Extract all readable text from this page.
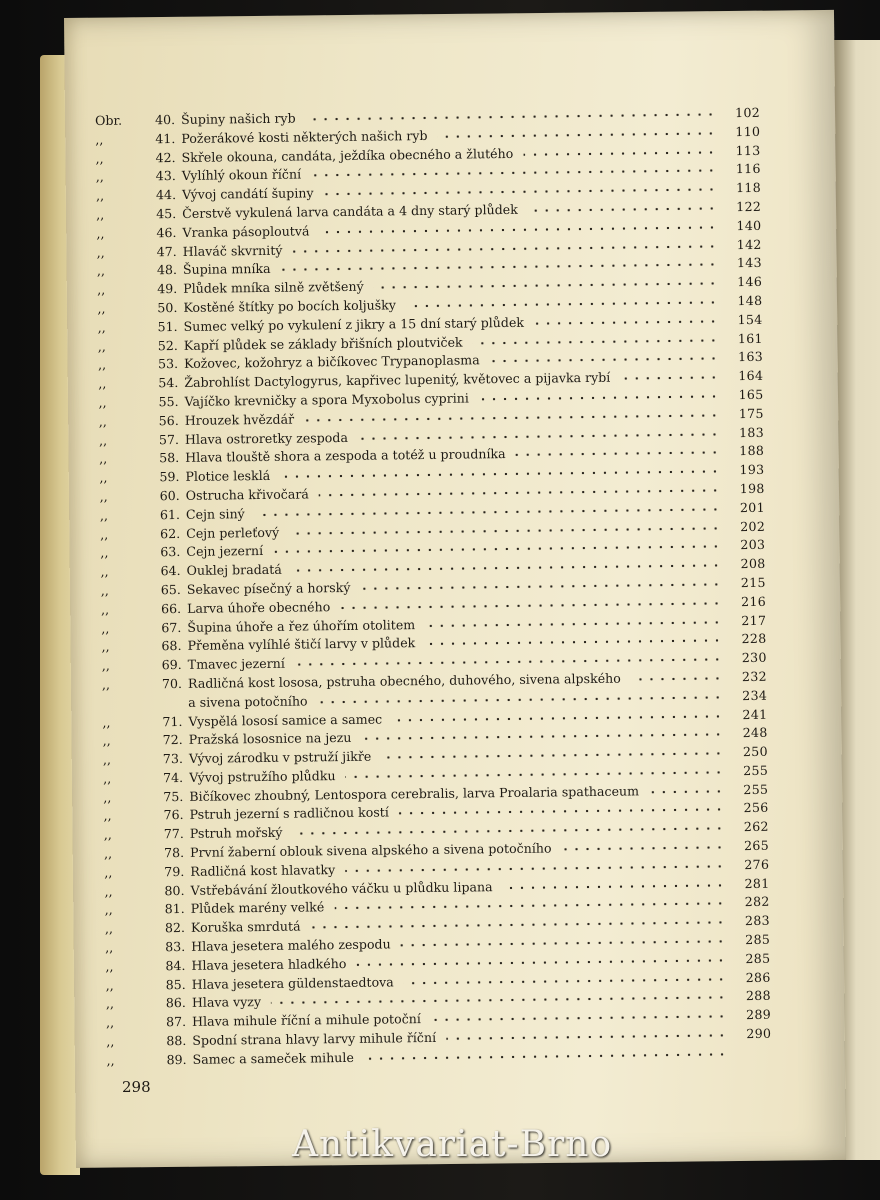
Obr.	40. Šupiny našich ryb	102
,,	41. Požerákové kosti některých našich ryb	110
,,	42. Skřele okouna, candáta, ježdíka obecného a žlutého	113
,,	43. Vylíhlý okoun říční	116
,,	44. Vývoj candátí šupiny	118
,,	45. Čerstvě vykulená larva candáta a 4 dny starý plůdek	122
,,	46. Vranka pásoploutvá	140
,,	47. Hlaváč skvrnitý	142
,,	48. Šupina mníka	143
,,	49. Plůdek mníka silně zvětšený	146
,,	50. Kostěné štítky po bocích koljušky	148
,,	51. Sumec velký po vykulení z jikry a 15 dní starý plůdek	154
,,	52. Kapří plůdek se základy břišních ploutviček	161
,,	53. Kožovec, kožohryz a bičíkovec Trypanoplasma	163
,,	54. Žabrohlíst Dactylogyrus, kapřivec lupenitý, květovec a pijavka rybí	164
,,	55. Vajíčko krevničky a spora Myxobolus cyprini	165
,,	56. Hrouzek hvězdář	175
,,	57. Hlava ostroretky zespoda	183
,,	58. Hlava tlouště shora a zespoda a totéž u proudníka	188
,,	59. Plotice lesklá	193
,,	60. Ostrucha křivočará	198
,,	61. Cejn siný	201
,,	62. Cejn perleťový	202
,,	63. Cejn jezerní	203
,,	64. Ouklej bradatá	208
,,	65. Sekavec písečný a horský	215
,,	66. Larva úhoře obecného	216
,,	67. Šupina úhoře a řez úhořím otolitem	217
,,	68. Přeměna vylíhlé štičí larvy v plůdek	228
,,	69. Tmavec jezerní	230
,,	70. Radličná kost lososa, pstruha obecného, duhového, sivena alpského	232
a sivena potočního	234
,,	71. Vyspělá lososí samice a samec	241
,,	72. Pražská lososnice na jezu	248
,,	73. Vývoj zárodku v pstruží jikře	250
,,	74. Vývoj pstružího plůdku	255
,,	75. Bičíkovec zhoubný, Lentospora cerebralis, larva Proalaria spathaceum	255
,,	76. Pstruh jezerní s radličnou kostí	256
,,	77. Pstruh mořský	262
,,	78. První žaberní oblouk sivena alpského a sivena potočního	265
,,	79. Radličná kost hlavatky	276
,,	80. Vstřebávání žloutkového váčku u plůdku lipana	281
,,	81. Plůdek marény velké	282
,,	82. Koruška smrdutá	283
,,	83. Hlava jesetera malého zespodu	285
,,	84. Hlava jesetera hladkého	285
,,	85. Hlava jesetera güldenstaedtova	286
,,	86. Hlava vyzy	288
,,	87. Hlava mihule říční a mihule potoční	289
,,	88. Spodní strana hlavy larvy mihule říční	290
,,	89. Samec a sameček mihule
298
Antikvariat-Brno
